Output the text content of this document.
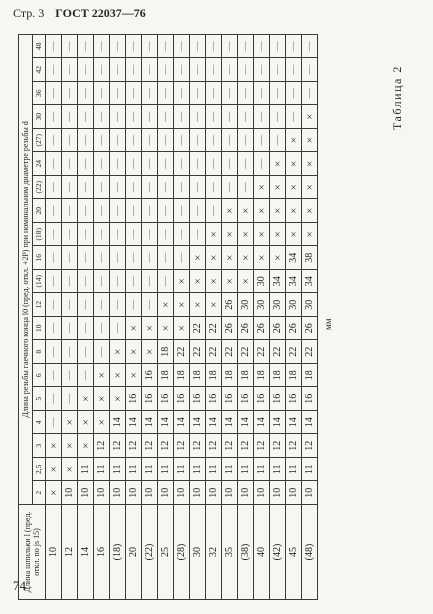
Стр. 3 ГОСТ 22037—76
Таблица 2
мм
Длина шпильки l (пред. откл. по js 15)	Длина резьбы гаечного конца l0 (пред. откл. +2P) при номинальном диаметре резьбы d																			
	2	2,5	3	4	5	6	8	10	12	(14)	16	(18)	20	(22)	24	(27)	30	36	42	48
10	×	×	×	—	—	—	—	—	—	—	—	—	—	—	—	—	—	—	—	—
12	10	×	×	×	—	—	—	—	—	—	—	—	—	—	—	—	—	—	—	—
14	10	11	×	×	×	—	—	—	—	—	—	—	—	—	—	—	—	—	—	—
16	10	11	12	×	×	×	—	—	—	—	—	—	—	—	—	—	—	—	—	—
(18)	10	11	12	14	×	×	×	—	—	—	—	—	—	—	—	—	—	—	—	—
20	10	11	12	14	16	×	×	×	—	—	—	—	—	—	—	—	—	—	—	—
(22)	10	11	12	14	16	16	×	×	—	—	—	—	—	—	—	—	—	—	—	—
25	10	11	12	14	16	18	18	×	×	—	—	—	—	—	—	—	—	—	—	—
(28)	10	11	12	14	16	18	22	×	×	×	—	—	—	—	—	—	—	—	—	—
30	10	11	12	14	16	18	22	22	×	×	×	—	—	—	—	—	—	—	—	—
32	10	11	12	14	16	18	22	22	×	×	×	×	—	—	—	—	—	—	—	—
35	10	11	12	14	16	18	22	26	26	×	×	×	×	—	—	—	—	—	—	—
(38)	10	11	12	14	16	18	22	26	30	×	×	×	×	—	—	—	—	—	—	—
40	10	11	12	14	16	18	22	26	30	30	×	×	×	×	—	—	—	—	—	—
(42)	10	11	12	14	16	18	22	26	30	34	×	×	×	×	×	—	—	—	—	—
45	10	11	12	14	16	18	22	26	30	34	34	×	×	×	×	×	—	—	—	—
(48)	10	11	12	14	16	18	22	26	30	34	38	×	×	×	×	×	×	—	—	—
74
